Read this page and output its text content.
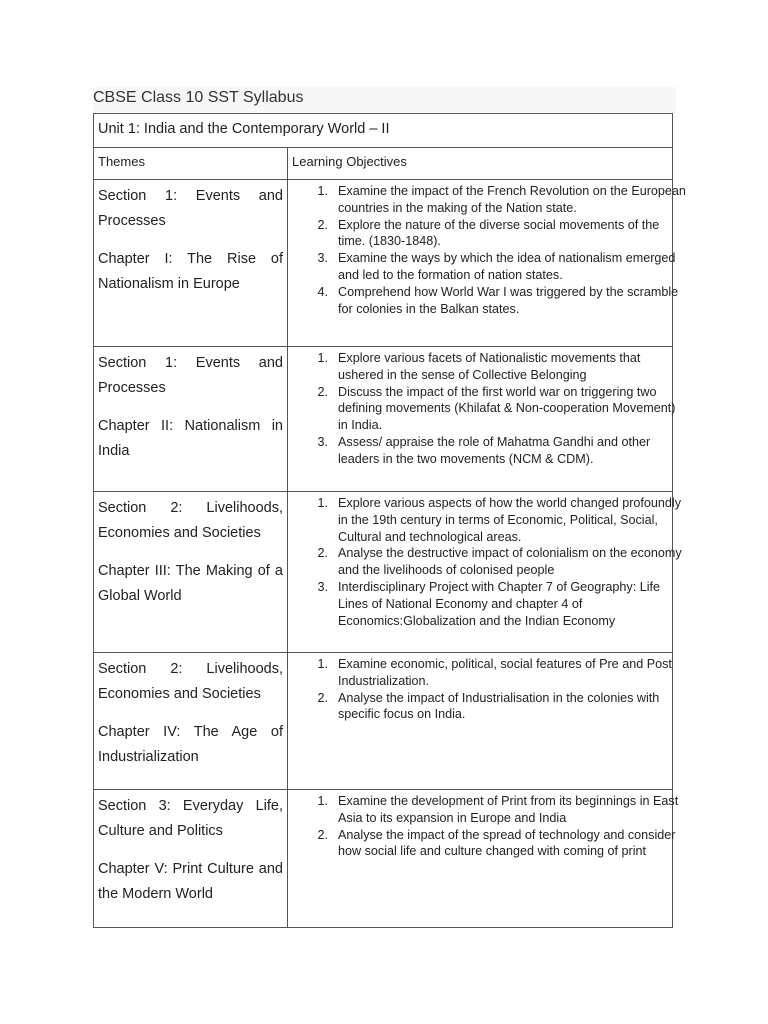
CBSE Class 10 SST Syllabus
Unit 1: India and the Contemporary World – II
Themes	Learning Objectives

Section 1: Events and Processes

Chapter I: The Rise of Nationalism in Europe

1. Examine the impact of the French Revolution on the European countries in the making of the Nation state.
2. Explore the nature of the diverse social movements of the time. (1830-1848).
3. Examine the ways by which the idea of nationalism emerged and led to the formation of nation states.
4. Comprehend how World War I was triggered by the scramble for colonies in the Balkan states.

Section 1: Events and Processes

Chapter II: Nationalism in India

1. Explore various facets of Nationalistic movements that ushered in the sense of Collective Belonging
2. Discuss the impact of the first world war on triggering two defining movements (Khilafat & Non-cooperation Movement) in India.
3. Assess/ appraise the role of Mahatma Gandhi and other leaders in the two movements (NCM & CDM).

Section 2: Livelihoods, Economies and Societies

Chapter III: The Making of a Global World

1. Explore various aspects of how the world changed profoundly in the 19th century in terms of Economic, Political, Social, Cultural and technological areas.
2. Analyse the destructive impact of colonialism on the economy and the livelihoods of colonised people
3. Interdisciplinary Project with Chapter 7 of Geography: Life Lines of National Economy and chapter 4 of Economics:Globalization and the Indian Economy

Section 2: Livelihoods, Economies and Societies

Chapter IV: The Age of Industrialization

1. Examine economic, political, social features of Pre and Post Industrialization.
2. Analyse the impact of Industrialisation in the colonies with specific focus on India.

Section 3: Everyday Life, Culture and Politics

Chapter V: Print Culture and the Modern World

1. Examine the development of Print from its beginnings in East Asia to its expansion in Europe and India
2. Analyse the impact of the spread of technology and consider how social life and culture changed with coming of print
